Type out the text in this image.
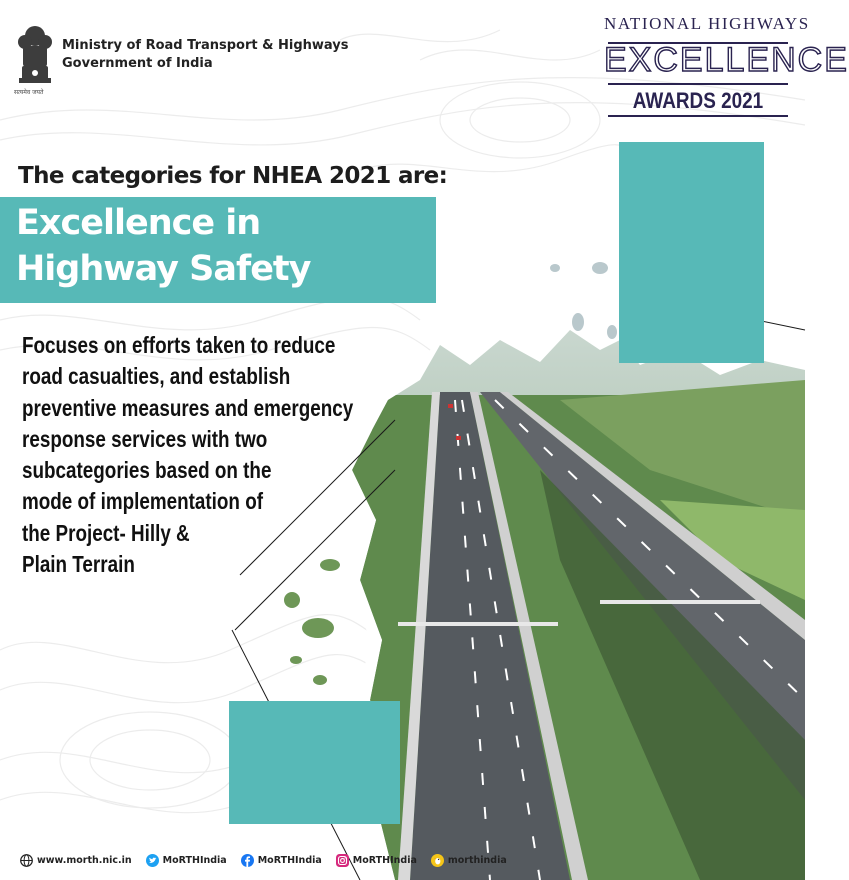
सत्यमेव जयते
Ministry of Road Transport & Highways
Government of India
NATIONAL HIGHWAYS
EXCELLENCE
AWARDS 2021
The categories for NHEA 2021 are:
Excellence in
Highway Safety
Focuses on efforts taken to reduce
road casualties, and establish
preventive measures and emergency
response services with two
subcategories based on the
mode of implementation of
the Project- Hilly &
Plain Terrain
www.morth.nic.in	MoRTHIndia	MoRTHIndia	MoRTHIndia	morthindia
